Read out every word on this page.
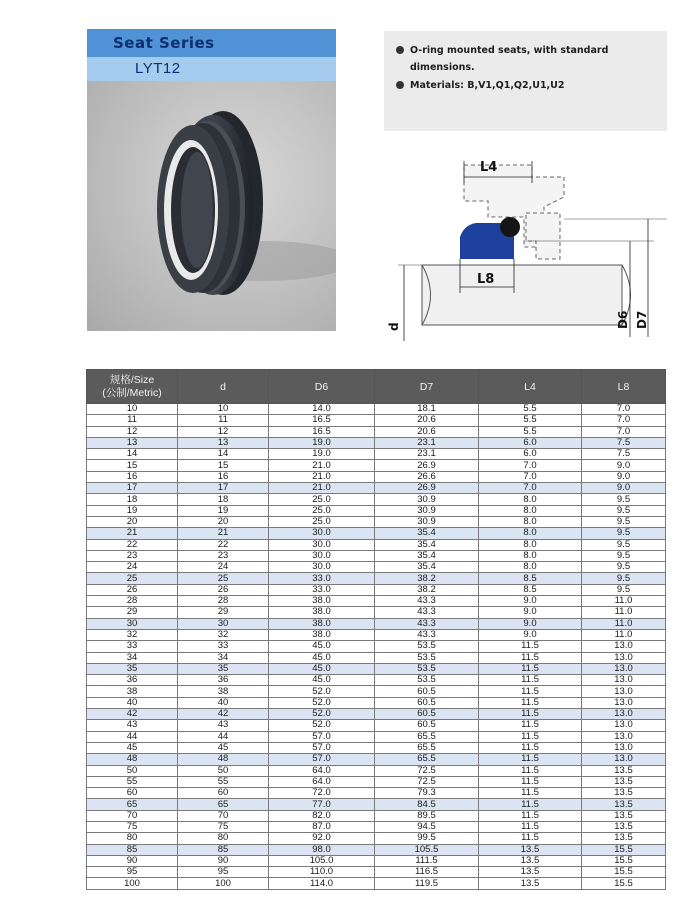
Seat Series
LYT12
O-ring mounted seats, with standard
dimensions.
Materials: B,V1,Q1,Q2,U1,U2
L4
L8
D6 D7
d
规格/Size
(公制/Metric)	d	D6	D7	L4	L8
10	10	14.0	18.1	5.5	7.0
11	11	16.5	20.6	5.5	7.0
12	12	16.5	20.6	5.5	7.0
13	13	19.0	23.1	6.0	7.5
14	14	19.0	23.1	6.0	7.5
15	15	21.0	26.9	7.0	9.0
16	16	21.0	26.6	7.0	9.0
17	17	21.0	26.9	7.0	9.0
18	18	25.0	30.9	8.0	9.5
19	19	25.0	30.9	8.0	9.5
20	20	25.0	30.9	8.0	9.5
21	21	30.0	35.4	8.0	9.5
22	22	30.0	35.4	8.0	9.5
23	23	30.0	35.4	8.0	9.5
24	24	30.0	35.4	8.0	9.5
25	25	33.0	38.2	8.5	9.5
26	26	33.0	38.2	8.5	9.5
28	28	38.0	43.3	9.0	11.0
29	29	38.0	43.3	9.0	11.0
30	30	38.0	43.3	9.0	11.0
32	32	38.0	43.3	9.0	11.0
33	33	45.0	53.5	11.5	13.0
34	34	45.0	53.5	11.5	13.0
35	35	45.0	53.5	11.5	13.0
36	36	45.0	53.5	11.5	13.0
38	38	52.0	60.5	11.5	13.0
40	40	52.0	60.5	11.5	13.0
42	42	52.0	60.5	11.5	13.0
43	43	52.0	60.5	11.5	13.0
44	44	57.0	65.5	11.5	13.0
45	45	57.0	65.5	11.5	13.0
48	48	57.0	65.5	11.5	13.0
50	50	64.0	72.5	11.5	13.5
55	55	64.0	72.5	11.5	13.5
60	60	72.0	79.3	11.5	13.5
65	65	77.0	84.5	11.5	13.5
70	70	82.0	89.5	11.5	13.5
75	75	87.0	94.5	11.5	13.5
80	80	92.0	99.5	11.5	13.5
85	85	98.0	105.5	13.5	15.5
90	90	105.0	111.5	13.5	15.5
95	95	110.0	116.5	13.5	15.5
100	100	114.0	119.5	13.5	15.5
